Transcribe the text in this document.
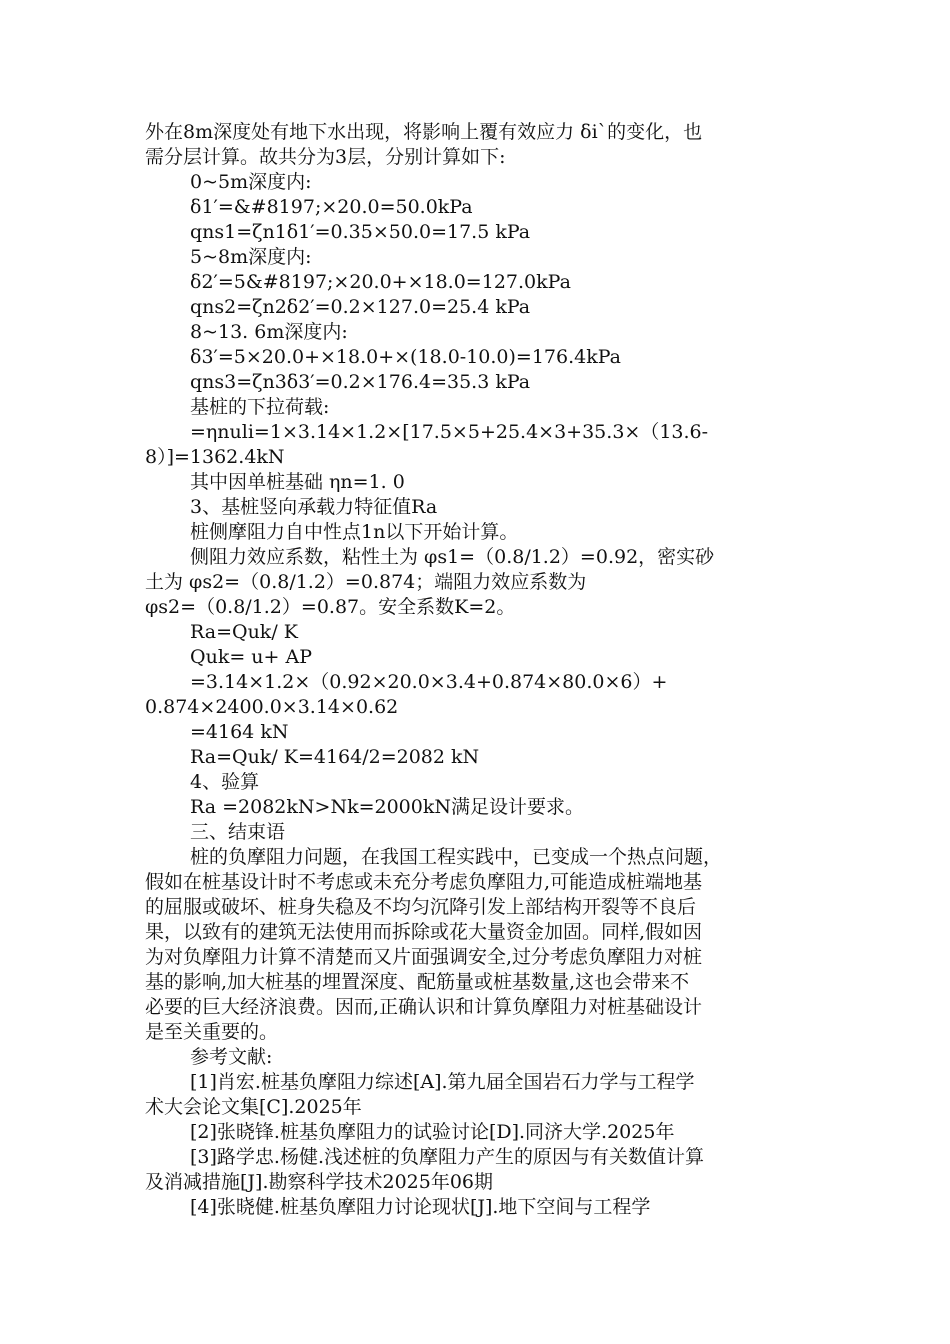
外在8m深度处有地下水出现，将影响上覆有效应力 δi`的变化，也
需分层计算。故共分为3层，分别计算如下:
0~5m深度内:
δ1′=&#8197;×20.0=50.0kPa
qns1=ζn1δ1′=0.35×50.0=17.5 kPa
5~8m深度内:
δ2′=5&#8197;×20.0+×18.0=127.0kPa
qns2=ζn2δ2′=0.2×127.0=25.4 kPa
8~13. 6m深度内:
δ3′=5×20.0+×18.0+×(18.0-10.0)=176.4kPa
qns3=ζn3δ3′=0.2×176.4=35.3 kPa
基桩的下拉荷载:
=ηnuli=1×3.14×1.2×[17.5×5+25.4×3+35.3×（13.6-
8）]=1362.4kN
其中因单桩基础 ηn=1. 0
3、基桩竖向承载力特征值Ra
桩侧摩阻力自中性点1n以下开始计算。
侧阻力效应系数，粘性土为 φs1=（0.8/1.2）=0.92，密实砂
土为 φs2=（0.8/1.2）=0.874；端阻力效应系数为
φs2=（0.8/1.2）=0.87。安全系数K=2。
Ra=Quk/ K
Quk= u+ AP
=3.14×1.2×（0.92×20.0×3.4+0.874×80.0×6）+
0.874×2400.0×3.14×0.62
=4164 kN
Ra=Quk/ K=4164/2=2082 kN
4、验算
Ra =2082kN>Nk=2000kN满足设计要求。
三、结束语
桩的负摩阻力问题，在我国工程实践中，已变成一个热点问题，
假如在桩基设计时不考虑或未充分考虑负摩阻力,可能造成桩端地基
的屈服或破坏、桩身失稳及不均匀沉降引发上部结构开裂等不良后
果，以致有的建筑无法使用而拆除或花大量资金加固。同样,假如因
为对负摩阻力计算不清楚而又片面强调安全,过分考虑负摩阻力对桩
基的影响,加大桩基的埋置深度、配筋量或桩基数量,这也会带来不
必要的巨大经济浪费。因而,正确认识和计算负摩阻力对桩基础设计
是至关重要的。
参考文献:
[1]肖宏.桩基负摩阻力综述[A].第九届全国岩石力学与工程学
术大会论文集[C].2025年
[2]张晓锋.桩基负摩阻力的试验讨论[D].同济大学.2025年
[3]路学忠.杨健.浅述桩的负摩阻力产生的原因与有关数值计算
及消减措施[J].勘察科学技术2025年06期
[4]张晓健.桩基负摩阻力讨论现状[J].地下空间与工程学
